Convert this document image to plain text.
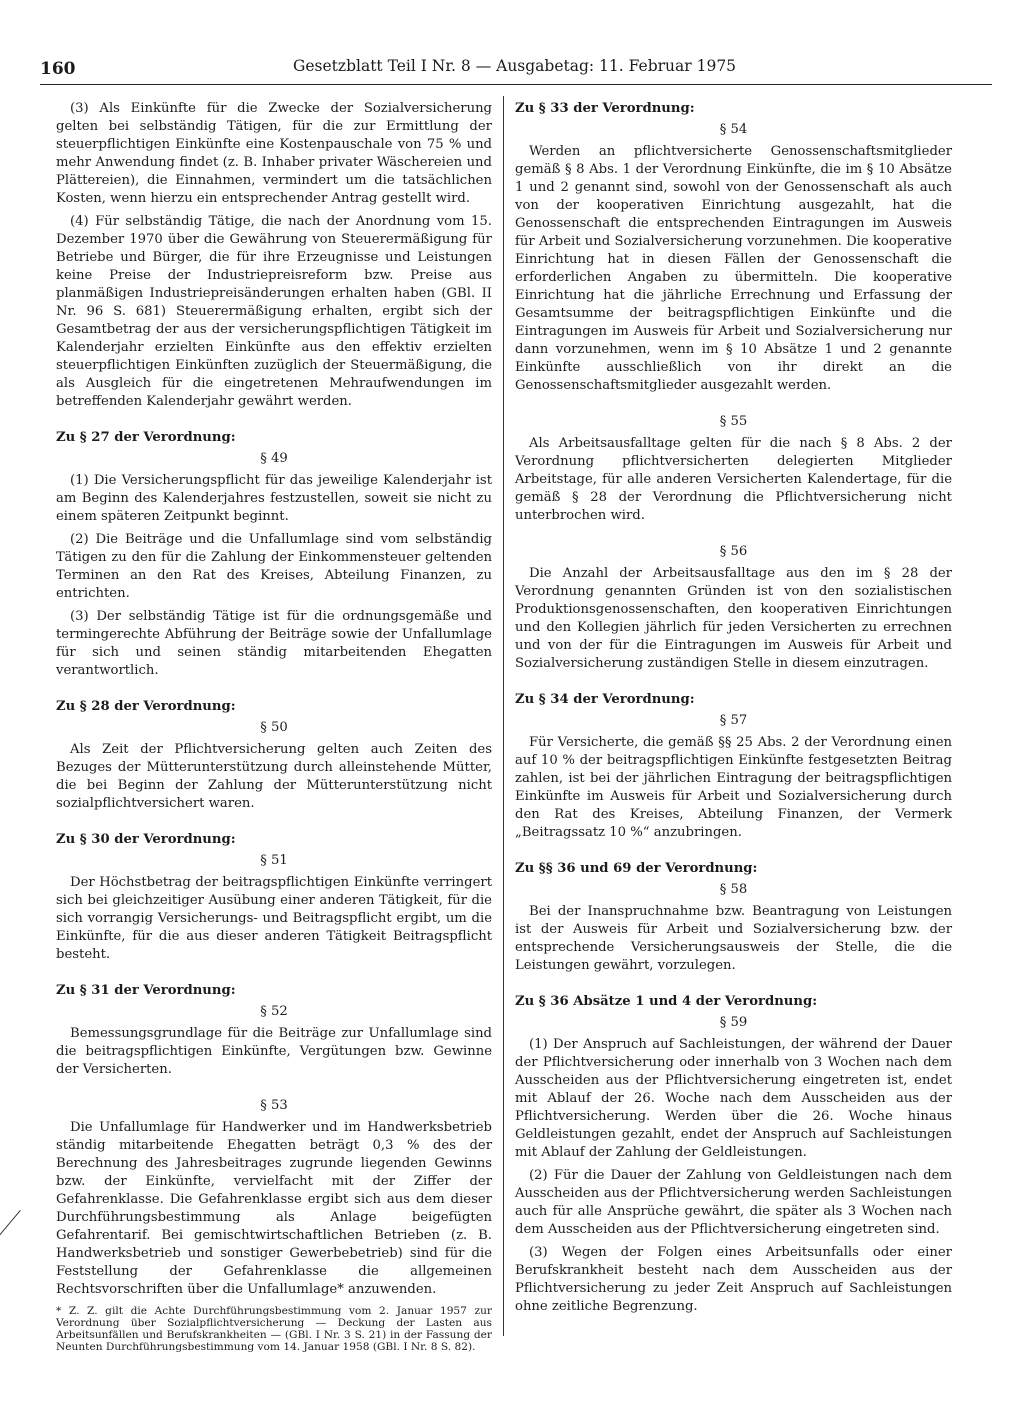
160	Gesetzblatt Teil I Nr. 8 — Ausgabetag: 11. Februar 1975

(3) Als Einkünfte für die Zwecke der Sozialversicherung gelten bei selbständig Tätigen, für die zur Ermittlung der steuerpflichtigen Einkünfte eine Kostenpauschale von 75 % und mehr Anwendung findet (z. B. Inhaber privater Wäschereien und Plättereien), die Einnahmen, vermindert um die tatsächlichen Kosten, wenn hierzu ein entsprechender Antrag gestellt wird.

(4) Für selbständig Tätige, die nach der Anordnung vom 15. Dezember 1970 über die Gewährung von Steuerermäßigung für Betriebe und Bürger, die für ihre Erzeugnisse und Leistungen keine Preise der Industriepreisreform bzw. Preise aus planmäßigen Industriepreisänderungen erhalten haben (GBl. II Nr. 96 S. 681) Steuerermäßigung erhalten, ergibt sich der Gesamtbetrag der aus der versicherungspflichtigen Tätigkeit im Kalenderjahr erzielten Einkünfte aus den effektiv erzielten steuerpflichtigen Einkünften zuzüglich der Steuermäßigung, die als Ausgleich für die eingetretenen Mehraufwendungen im betreffenden Kalenderjahr gewährt werden.

Zu § 27 der Verordnung:
§ 49

(1) Die Versicherungspflicht für das jeweilige Kalenderjahr ist am Beginn des Kalenderjahres festzustellen, soweit sie nicht zu einem späteren Zeitpunkt beginnt.

(2) Die Beiträge und die Unfallumlage sind vom selbständig Tätigen zu den für die Zahlung der Einkommensteuer geltenden Terminen an den Rat des Kreises, Abteilung Finanzen, zu entrichten.

(3) Der selbständig Tätige ist für die ordnungsgemäße und termingerechte Abführung der Beiträge sowie der Unfallumlage für sich und seinen ständig mitarbeitenden Ehegatten verantwortlich.

Zu § 28 der Verordnung:
§ 50

Als Zeit der Pflichtversicherung gelten auch Zeiten des Bezuges der Mütterunterstützung durch alleinstehende Mütter, die bei Beginn der Zahlung der Mütterunterstützung nicht sozialpflichtversichert waren.

Zu § 30 der Verordnung:
§ 51

Der Höchstbetrag der beitragspflichtigen Einkünfte verringert sich bei gleichzeitiger Ausübung einer anderen Tätigkeit, für die sich vorrangig Versicherungs- und Beitragspflicht ergibt, um die Einkünfte, für die aus dieser anderen Tätigkeit Beitragspflicht besteht.

Zu § 31 der Verordnung:
§ 52

Bemessungsgrundlage für die Beiträge zur Unfallumlage sind die beitragspflichtigen Einkünfte, Vergütungen bzw. Gewinne der Versicherten.

§ 53

Die Unfallumlage für Handwerker und im Handwerksbetrieb ständig mitarbeitende Ehegatten beträgt 0,3 % des der Berechnung des Jahresbeitrages zugrunde liegenden Gewinns bzw. der Einkünfte, vervielfacht mit der Ziffer der Gefahrenklasse. Die Gefahrenklasse ergibt sich aus dem dieser Durchführungsbestimmung als Anlage beigefügten Gefahrentarif. Bei gemischtwirtschaftlichen Betrieben (z. B. Handwerksbetrieb und sonstiger Gewerbebetrieb) sind für die Feststellung der Gefahrenklasse die allgemeinen Rechtsvorschriften über die Unfallumlage* anzuwenden.

* Z. Z. gilt die Achte Durchführungsbestimmung vom 2. Januar 1957 zur Verordnung über Sozialpflichtversicherung — Deckung der Lasten aus Arbeitsunfällen und Berufskrankheiten — (GBl. I Nr. 3 S. 21) in der Fassung der Neunten Durchführungsbestimmung vom 14. Januar 1958 (GBl. I Nr. 8 S. 82).

Zu § 33 der Verordnung:
§ 54

Werden an pflichtversicherte Genossenschaftsmitglieder gemäß § 8 Abs. 1 der Verordnung Einkünfte, die im § 10 Absätze 1 und 2 genannt sind, sowohl von der Genossenschaft als auch von der kooperativen Einrichtung ausgezahlt, hat die Genossenschaft die entsprechenden Eintragungen im Ausweis für Arbeit und Sozialversicherung vorzunehmen. Die kooperative Einrichtung hat in diesen Fällen der Genossenschaft die erforderlichen Angaben zu übermitteln. Die kooperative Einrichtung hat die jährliche Errechnung und Erfassung der Gesamtsumme der beitragspflichtigen Einkünfte und die Eintragungen im Ausweis für Arbeit und Sozialversicherung nur dann vorzunehmen, wenn im § 10 Absätze 1 und 2 genannte Einkünfte ausschließlich von ihr direkt an die Genossenschaftsmitglieder ausgezahlt werden.

§ 55

Als Arbeitsausfalltage gelten für die nach § 8 Abs. 2 der Verordnung pflichtversicherten delegierten Mitglieder Arbeitstage, für alle anderen Versicherten Kalendertage, für die gemäß § 28 der Verordnung die Pflichtversicherung nicht unterbrochen wird.

§ 56

Die Anzahl der Arbeitsausfalltage aus den im § 28 der Verordnung genannten Gründen ist von den sozialistischen Produktionsgenossenschaften, den kooperativen Einrichtungen und den Kollegien jährlich für jeden Versicherten zu errechnen und von der für die Eintragungen im Ausweis für Arbeit und Sozialversicherung zuständigen Stelle in diesem einzutragen.

Zu § 34 der Verordnung:
§ 57

Für Versicherte, die gemäß §§ 25 Abs. 2 der Verordnung einen auf 10 % der beitragspflichtigen Einkünfte festgesetzten Beitrag zahlen, ist bei der jährlichen Eintragung der beitragspflichtigen Einkünfte im Ausweis für Arbeit und Sozialversicherung durch den Rat des Kreises, Abteilung Finanzen, der Vermerk „Beitragssatz 10 %“ anzubringen.

Zu §§ 36 und 69 der Verordnung:
§ 58

Bei der Inanspruchnahme bzw. Beantragung von Leistungen ist der Ausweis für Arbeit und Sozialversicherung bzw. der entsprechende Versicherungsausweis der Stelle, die die Leistungen gewährt, vorzulegen.

Zu § 36 Absätze 1 und 4 der Verordnung:
§ 59

(1) Der Anspruch auf Sachleistungen, der während der Dauer der Pflichtversicherung oder innerhalb von 3 Wochen nach dem Ausscheiden aus der Pflichtversicherung eingetreten ist, endet mit Ablauf der 26. Woche nach dem Ausscheiden aus der Pflichtversicherung. Werden über die 26. Woche hinaus Geldleistungen gezahlt, endet der Anspruch auf Sachleistungen mit Ablauf der Zahlung der Geldleistungen.

(2) Für die Dauer der Zahlung von Geldleistungen nach dem Ausscheiden aus der Pflichtversicherung werden Sachleistungen auch für alle Ansprüche gewährt, die später als 3 Wochen nach dem Ausscheiden aus der Pflichtversicherung eingetreten sind.

(3) Wegen der Folgen eines Arbeitsunfalls oder einer Berufskrankheit besteht nach dem Ausscheiden aus der Pflichtversicherung zu jeder Zeit Anspruch auf Sachleistungen ohne zeitliche Begrenzung.
